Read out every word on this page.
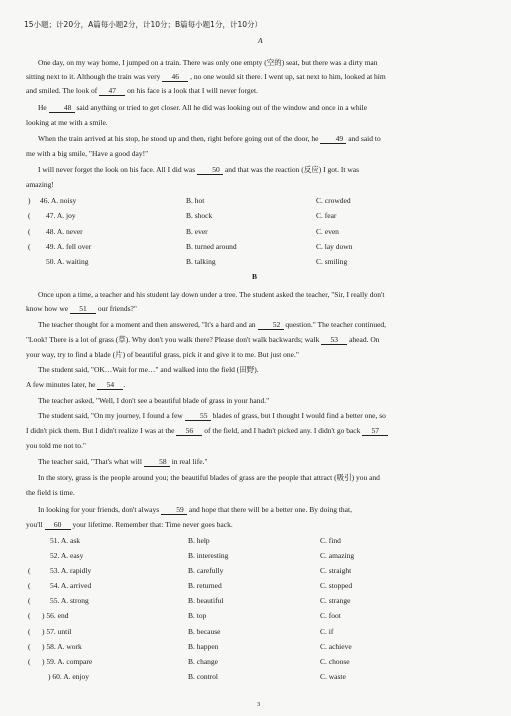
15小题；计20分，A篇每小题2分，计10分；B篇每小题1分，计10分）
A
One day, on my way home, I jumped on a train. There was only one empty (空的) seat, but there was a dirty man
sitting next to it. Although the train was very 46 , no one would sit there. I went up, sat next to him, looked at him
and smiled. The look of 47 on his face is a look that I will never forget.
He 48 said anything or tried to get closer. All he did was looking out of the window and once in a while
looking at me with a smile.
When the train arrived at his stop, he stood up and then, right before going out of the door, he 49 and said to
me with a big smile, "Have a good day!"
I will never forget the look on his face. All I did was 50 and that was the reaction (反应) I got. It was
amazing!
) 46. A. noisy	B. hot	C. crowded
( 47. A. joy	B. shock	C. fear
( 48. A. never	B. ever	C. even
( 49. A. fell over	B. turned around	C. lay down
50. A. waiting	B. talking	C. smiling
B
Once upon a time, a teacher and his student lay down under a tree. The student asked the teacher, "Sir, I really don't
know how we 51 our friends?"
The teacher thought for a moment and then answered, "It's a hard and an 52 question." The teacher continued,
"Look! There is a lot of grass (草). Why don't you walk there? Please don't walk backwards; walk 53 ahead. On
your way, try to find a blade (片) of beautiful grass, pick it and give it to me. But just one."
The student said, "OK…Wait for me…" and walked into the field (田野).
A few minutes later, he 54 .
The teacher asked, "Well, I don't see a beautiful blade of grass in your hand."
The student said, "On my journey, I found a few 55 blades of grass, but I thought I would find a better one, so
I didn't pick them. But I didn't realize I was at the 56 of the field, and I hadn't picked any. I didn't go back 57
you told me not to."
The teacher said, "That's what will 58 in real life."
In the story, grass is the people around you; the beautiful blades of grass are the people that attract (吸引) you and
the field is time.
In looking for your friends, don't always 59 and hope that there will be a better one. By doing that,
you'll 60 your lifetime. Remember that: Time never goes back.
51. A. ask	B. help	C. find
52. A. easy	B. interesting	C. amazing
(	53. A. rapidly	B. carefully	C. straight
(	54. A. arrived	B. returned	C. stopped
(	55. A. strong	B. beautiful	C. strange
( ) 56. end	B. top	C. foot
( ) 57. until	B. because	C. if
( ) 58. A. work	B. happen	C. achieve
( ) 59. A. compare	B. change	C. choose
) 60. A. enjoy	B. control	C. waste
3
